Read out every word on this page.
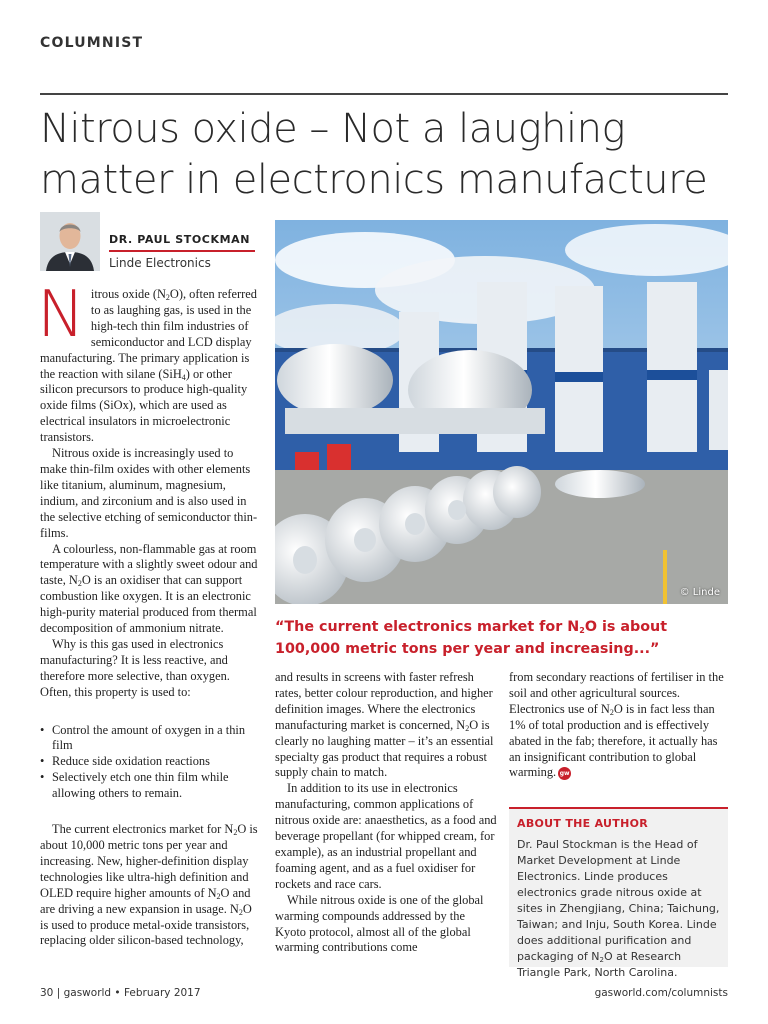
COLUMNIST
Nitrous oxide – Not a laughing
matter in electronics manufacture
DR. PAUL STOCKMAN
Linde Electronics

Nitrous oxide $(N_2O)$, often referred to as laughing gas, is used in the high-tech thin film industries of semiconductor and LCD display manufacturing. The primary application is the reaction with silane (SiH$_4$) or other silicon precursors to produce high-quality oxide films (SiOx), which are used as electrical insulators in microelectronic transistors.

Nitrous oxide is increasingly used to make thin-film oxides with other elements like titanium, aluminum, magnesium, indium, and zirconium and is also used in the selective etching of semiconductor thin-films.

A colourless, non-flammable gas at room temperature with a slightly sweet odour and taste, $N_2O$ is an oxidiser that can support combustion like oxygen. It is an electronic high-purity material produced from thermal decomposition of ammonium nitrate.

Why is this gas used in electronics manufacturing? It is less reactive, and therefore more selective, than oxygen. Often, this property is used to:

• Control the amount of oxygen in a thin film
• Reduce side oxidation reactions
• Selectively etch one thin film while allowing others to remain.

The current electronics market for $N_2O$ is about 10,000 metric tons per year and increasing. New, higher-definition display technologies like ultra-high definition and OLED require higher amounts of $N_2O$ and are driving a new expansion in usage. $N_2O$ is used to produce metal-oxide transistors, replacing older silicon-based technology,

© Linde
“The current electronics market for $N_2O$ is about 100,000 metric tons per year and increasing...”

and results in screens with faster refresh rates, better colour reproduction, and higher definition images. Where the electronics manufacturing market is concerned, $N_2O$ is clearly no laughing matter – it’s an essential specialty gas product that requires a robust supply chain to match.

In addition to its use in electronics manufacturing, common applications of nitrous oxide are: anaesthetics, as a food and beverage propellant (for whipped cream, for example), as an industrial propellant and foaming agent, and as a fuel oxidiser for rockets and race cars.

While nitrous oxide is one of the global warming compounds addressed by the Kyoto protocol, almost all of the global warming contributions come

from secondary reactions of fertiliser in the soil and other agricultural sources. Electronics use of $N_2O$ is in fact less than 1% of total production and is effectively abated in the fab; therefore, it actually has an insignificant contribution to global warming. gw

ABOUT THE AUTHOR
Dr. Paul Stockman is the Head of Market Development at Linde Electronics. Linde produces electronics grade nitrous oxide at sites in Zhengjiang, China; Taichung, Taiwan; and Inju, South Korea. Linde does additional purification and packaging of $N_2O$ at Research Triangle Park, North Carolina.
30 | gasworld • February 2017	gasworld.com/columnists
